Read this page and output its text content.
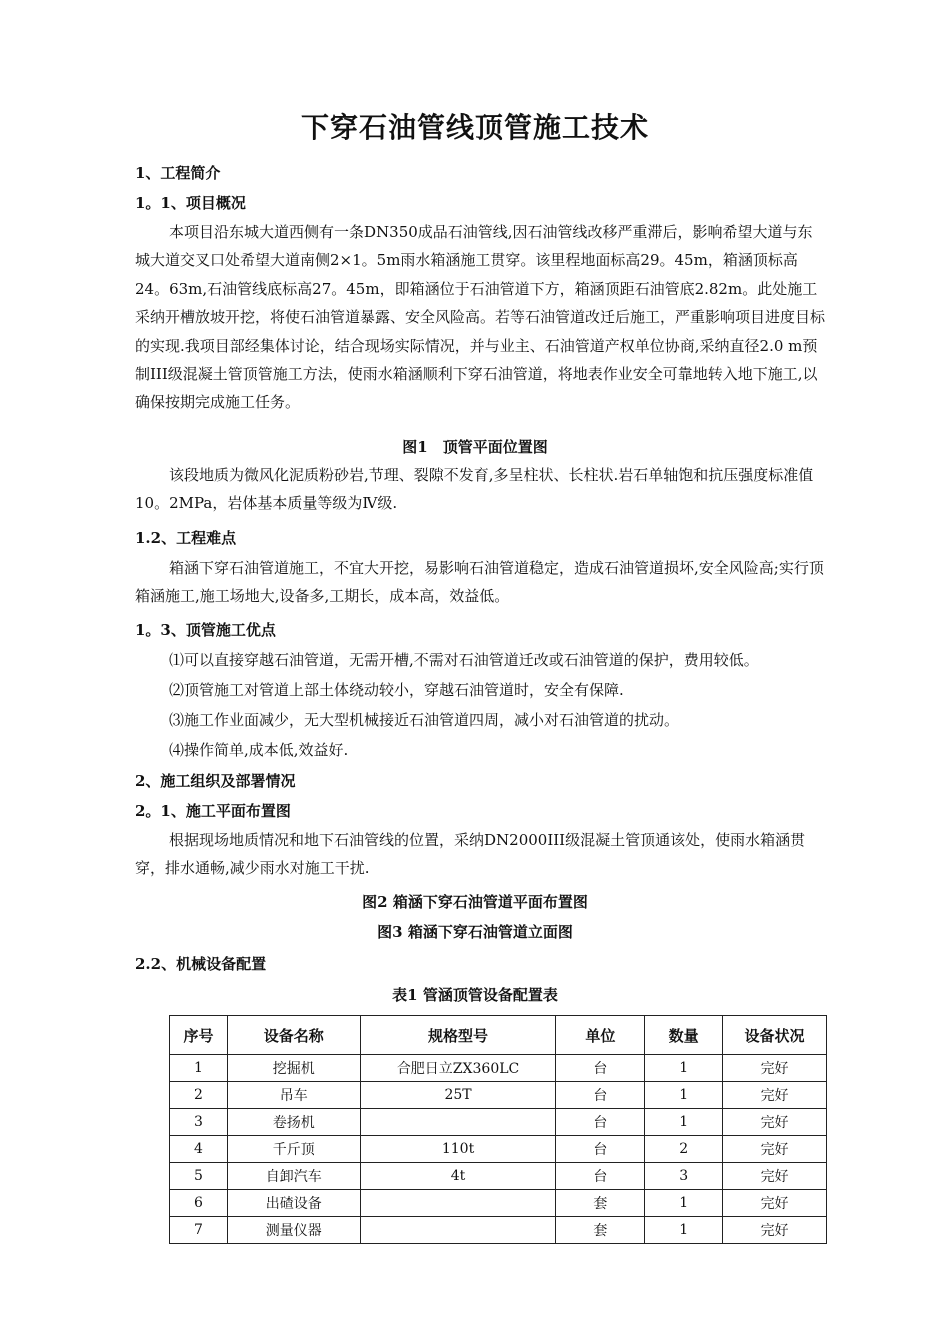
下穿石油管线顶管施工技术
1、工程简介
1。1、项目概况
本项目沿东城大道西侧有一条DN350成品石油管线,因石油管线改移严重滞后，影响希望大道与东城大道交叉口处希望大道南侧2×1。5m雨水箱涵施工贯穿。该里程地面标高29。45m，箱涵顶标高24。63m,石油管线底标高27。45m，即箱涵位于石油管道下方，箱涵顶距石油管底2.82m。此处施工采纳开槽放坡开挖，将使石油管道暴露、安全风险高。若等石油管道改迁后施工，严重影响项目进度目标的实现.我项目部经集体讨论，结合现场实际情况，并与业主、石油管道产权单位协商,采纳直径2.0 m预制III级混凝土管顶管施工方法，使雨水箱涵顺利下穿石油管道，将地表作业安全可靠地转入地下施工,以确保按期完成施工任务。
图1　顶管平面位置图
该段地质为微风化泥质粉砂岩,节理、裂隙不发育,多呈柱状、长柱状.岩石单轴饱和抗压强度标准值10。2MPa，岩体基本质量等级为Ⅳ级.
1.2、工程难点
箱涵下穿石油管道施工，不宜大开挖，易影响石油管道稳定，造成石油管道损坏,安全风险高;实行顶箱涵施工,施工场地大,设备多,工期长，成本高，效益低。
1。3、顶管施工优点
⑴可以直接穿越石油管道，无需开槽,不需对石油管道迁改或石油管道的保护，费用较低。
⑵顶管施工对管道上部土体绕动较小，穿越石油管道时，安全有保障.
⑶施工作业面减少，无大型机械接近石油管道四周，减小对石油管道的扰动。
⑷操作简单,成本低,效益好.
2、施工组织及部署情况
2。1、施工平面布置图
根据现场地质情况和地下石油管线的位置，采纳DN2000III级混凝土管顶通该处，使雨水箱涵贯穿，排水通畅,减少雨水对施工干扰.
图2 箱涵下穿石油管道平面布置图
图3 箱涵下穿石油管道立面图
2.2、机械设备配置
表1 管涵顶管设备配置表
序号	设备名称	规格型号	单位	数量	设备状况
1	挖掘机	合肥日立ZX360LC	台	1	完好
2	吊车	25T	台	1	完好
3	卷扬机		台	1	完好
4	千斤顶	110t	台	2	完好
5	自卸汽车	4t	台	3	完好
6	出碴设备		套	1	完好
7	测量仪器		套	1	完好
